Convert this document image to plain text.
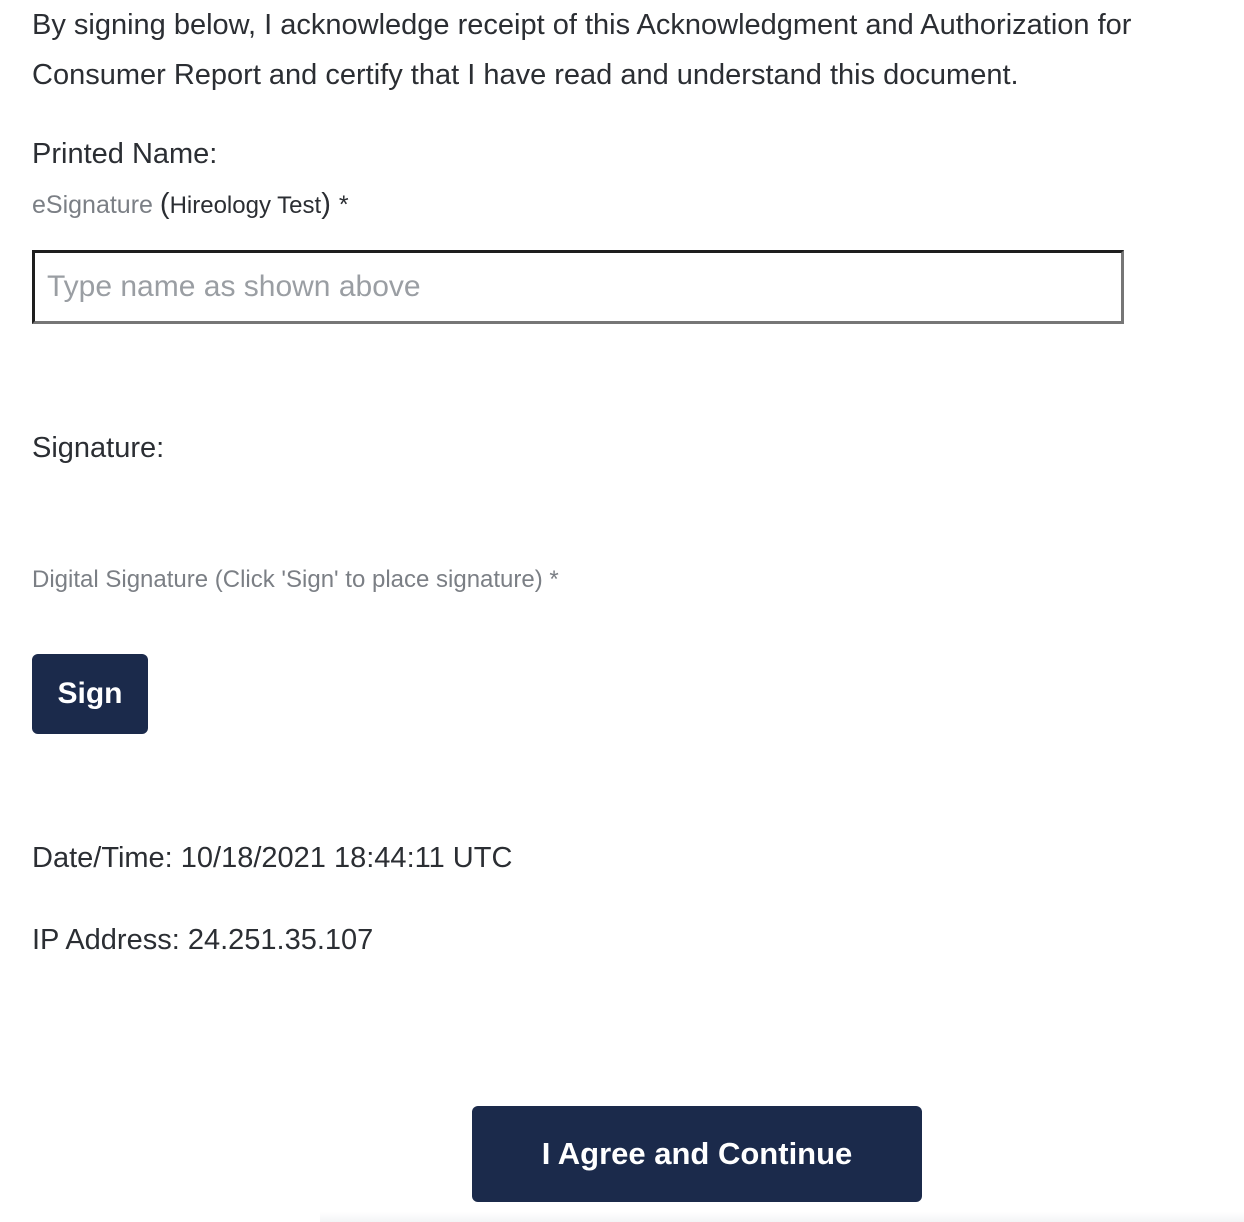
By signing below, I acknowledge receipt of this Acknowledgment and Authorization for Consumer Report and certify that I have read and understand this document.

Printed Name:

eSignature (Hireology Test) *

Type name as shown above

Signature:

Digital Signature (Click 'Sign' to place signature) *

Sign

Date/Time: 10/18/2021 18:44:11 UTC

IP Address: 24.251.35.107

I Agree and Continue
